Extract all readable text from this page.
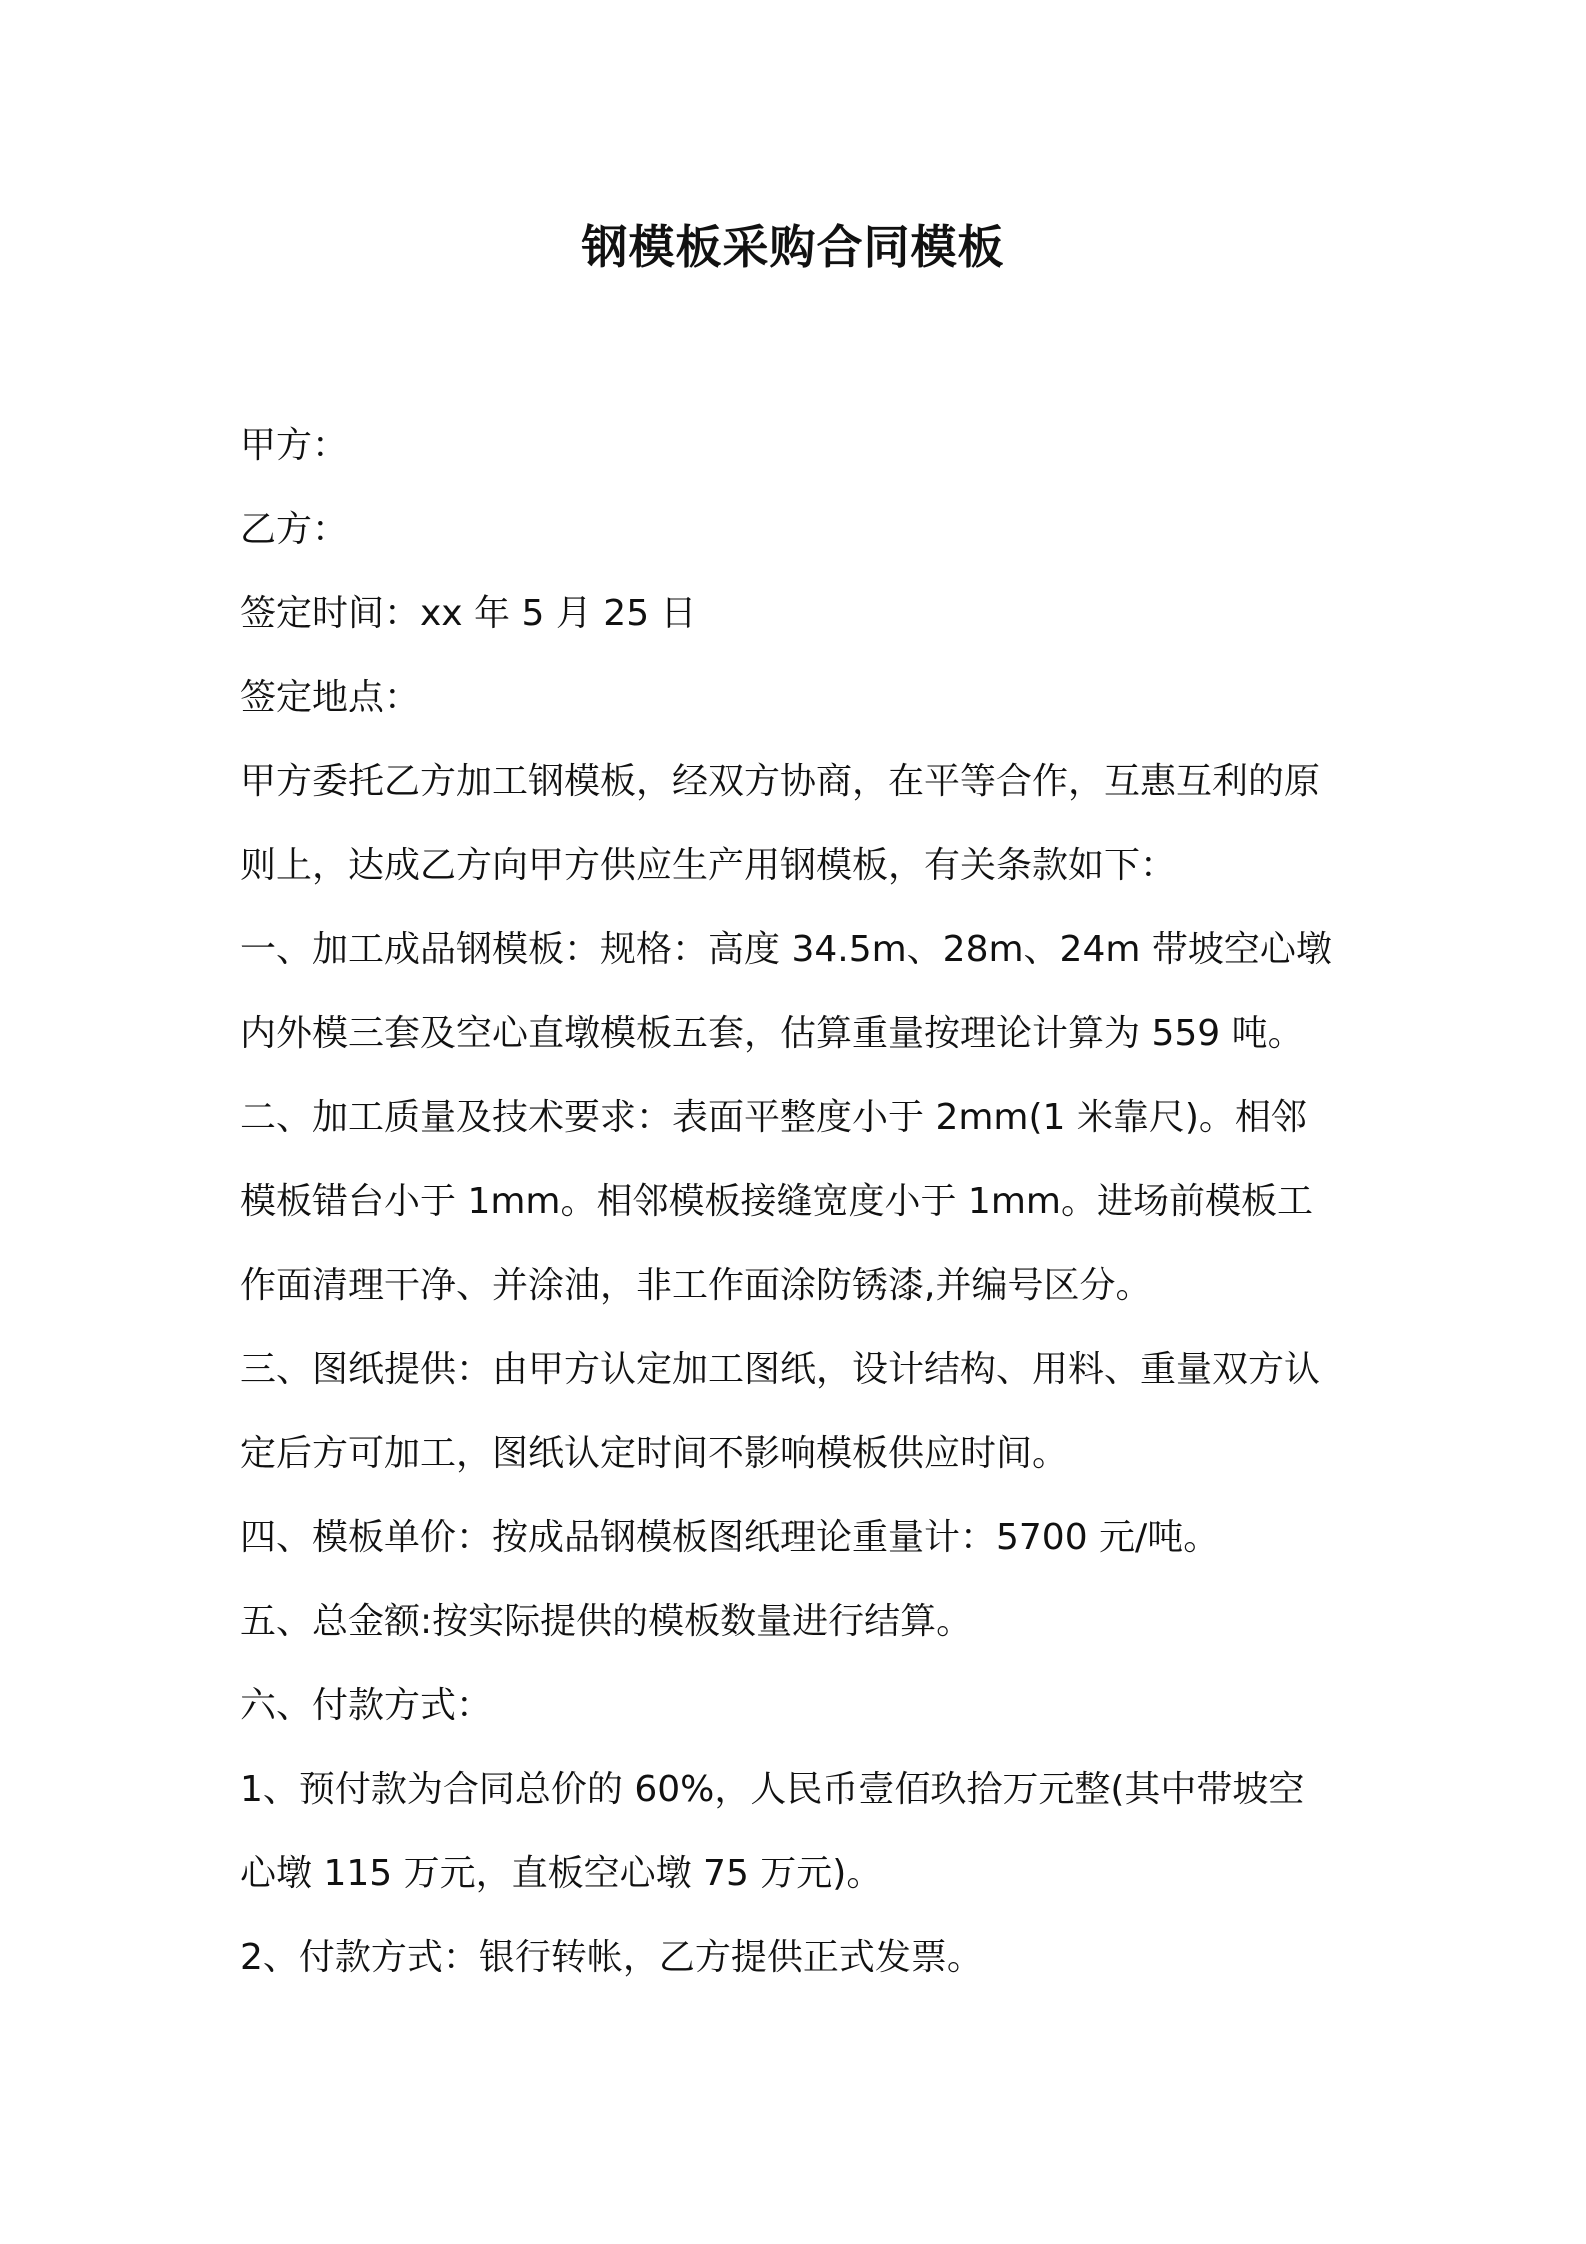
钢模板采购合同模板

甲方：

乙方：

签定时间：xx 年 5 月 25 日

签定地点：

甲方委托乙方加工钢模板，经双方协商，在平等合作，互惠互利的原

则上，达成乙方向甲方供应生产用钢模板，有关条款如下：

一、加工成品钢模板：规格：高度 34.5m、28m、24m 带坡空心墩

内外模三套及空心直墩模板五套，估算重量按理论计算为 559 吨。

二、加工质量及技术要求：表面平整度小于 2mm(1 米靠尺)。相邻

模板错台小于 1mm。相邻模板接缝宽度小于 1mm。进场前模板工

作面清理干净、并涂油，非工作面涂防锈漆,并编号区分。

三、图纸提供：由甲方认定加工图纸，设计结构、用料、重量双方认

定后方可加工，图纸认定时间不影响模板供应时间。

四、模板单价：按成品钢模板图纸理论重量计：5700 元/吨。

五、总金额:按实际提供的模板数量进行结算。

六、付款方式：

1、预付款为合同总价的 60%，人民币壹佰玖拾万元整(其中带坡空

心墩 115 万元，直板空心墩 75 万元)。

2、付款方式：银行转帐，乙方提供正式发票。
